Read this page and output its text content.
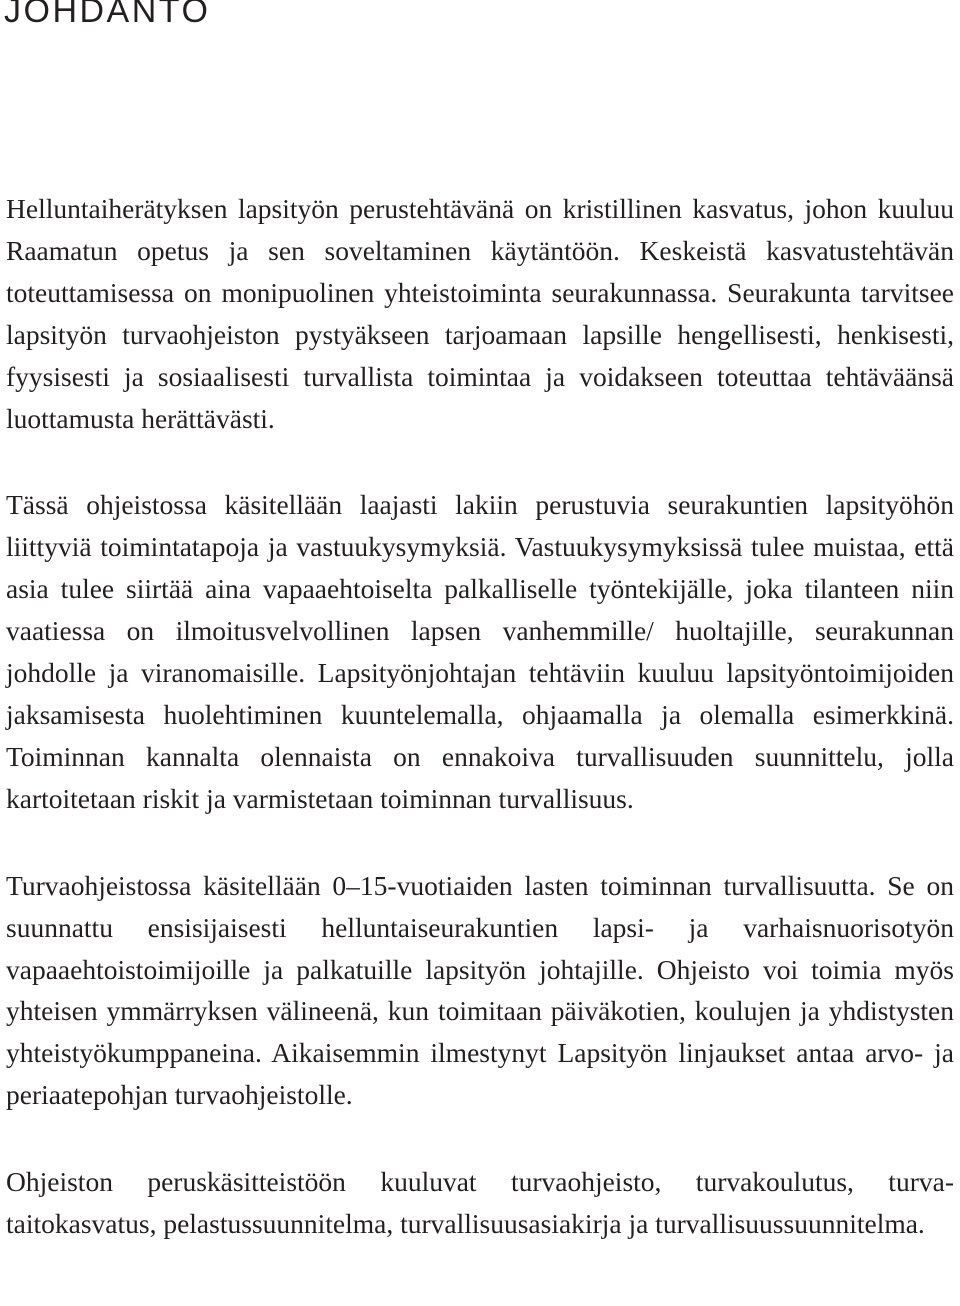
JOHDANTO

Helluntaiherätyksen lapsityön perustehtävänä on kristillinen kasvatus, johon kuuluu Raamatun opetus ja sen soveltaminen käytäntöön. Keskeistä kasvatustehtävän toteuttamisessa on monipuolinen yhteistoiminta seurakunnassa. Seurakunta tarvitsee lapsityön turvaohjeiston pystyäkseen tarjoamaan lapsille hengellisesti, henkisesti, fyysisesti ja sosiaalisesti turvallista toimintaa ja voidakseen toteuttaa tehtäväänsä luottamusta herättävästi.

Tässä ohjeistossa käsitellään laajasti lakiin perustuvia seurakuntien lapsityöhön liittyviä toimintatapoja ja vastuukysymyksiä. Vastuukysymyksissä tulee muistaa, että asia tulee siirtää aina vapaaehtoiselta palkalliselle työntekijälle, joka tilanteen niin vaatiessa on ilmoitusvelvollinen lapsen vanhemmille/ huoltajille, seurakunnan johdolle ja viranomaisille. Lapsityönjohtajan tehtäviin kuuluu lapsityöntoimijoiden jaksamisesta huolehtiminen kuuntelemalla, ohjaamalla ja olemalla esimerkkinä. Toiminnan kannalta olennaista on ennakoiva turvallisuuden suunnittelu, jolla kartoitetaan riskit ja varmistetaan toiminnan turvallisuus.

Turvaohjeistossa käsitellään 0–15-vuotiaiden lasten toiminnan turvallisuutta. Se on suunnattu ensisijaisesti helluntaiseurakuntien lapsi- ja varhaisnuorisotyön vapaaehtoistoimijoille ja palkatuille lapsityön johtajille. Ohjeisto voi toimia myös yhteisen ymmärryksen välineenä, kun toimitaan päiväkotien, koulujen ja yhdistysten yhteistyökumppaneina. Aikaisemmin ilmestynyt Lapsityön linjaukset antaa arvo- ja periaatepohjan turvaohjeistolle.

Ohjeiston peruskäsitteistöön kuuluvat turvaohjeisto, turvakoulutus, turvataitokasvatus, pelastussuunnitelma, turvallisuusasiakirja ja turvallisuussuunnitelma.
